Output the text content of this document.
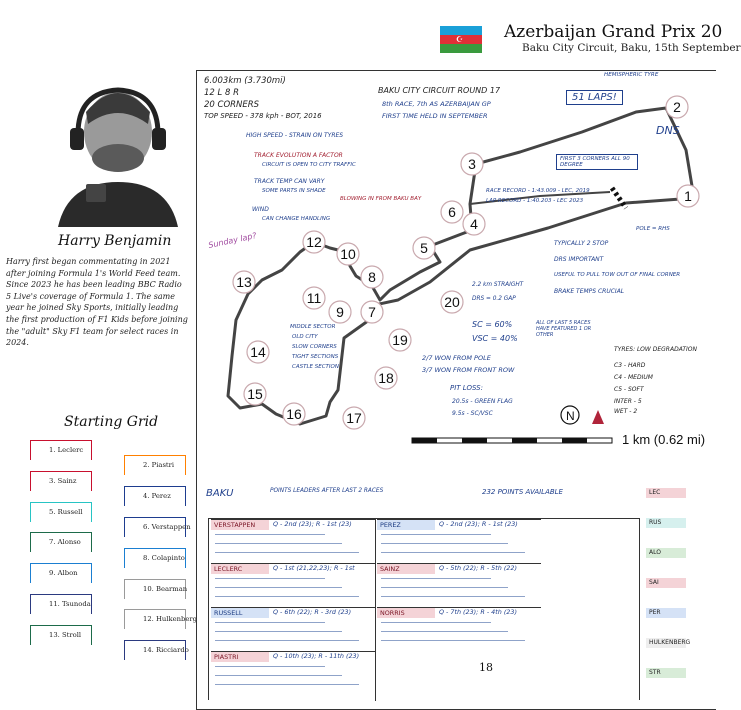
☪ Azerbaijan Grand Prix 20
Baku City Circuit, Baku, 15th September
Harry Benjamin
Harry first began commentating in 2021 after joining Formula 1's World Feed team. Since 2023 he has been leading BBC Radio 5 Live's coverage of Formula 1. The same year he joined Sky Sports, initially leading the first production of F1 Kids before joining the "adult" Sky F1 team for select races in 2024.
Starting Grid
1. Leclerc
2. Piastri
3. Sainz
4. Perez
5. Russell
6. Verstappen
7. Alonso
8. Colapinto
9. Albon
10. Bearman
11. Tsunoda
12. Hulkenberg
13. Stroll
14. Ricciardo
1
2
3
4
5
6
7
8
9
10
11
12
13
14
15
16	17
18
19
20
N
1 km (0.62 mi)
6.003km (3.730mi)
12 L 8 R
20 CORNERS
TOP SPEED - 378 kph - BOT, 2016
BAKU CITY CIRCUIT ROUND 17
8th RACE, 7th AS AZERBAIJAN GP
FIRST TIME HELD IN SEPTEMBER
51 LAPS!
HEMISPHERIC TYRE
DNS
HIGH SPEED - STRAIN ON TYRES
TRACK EVOLUTION A FACTOR
CIRCUIT IS OPEN TO CITY TRAFFIC
TRACK TEMP CAN VARY
SOME PARTS IN SHADE
WIND
CAN CHANGE HANDLING
BLOWING IN FROM BAKU BAY
Sunday lap?
RACE RECORD - 1:43.009 - LEC, 2019
LAP RECORD - 1:40.203 - LEC 2023
FIRST 3 CORNERS ALL 90 DEGREE
POLE = RHS
TYPICALLY 2 STOP
DRS IMPORTANT
USEFUL TO PULL TOW OUT OF FINAL CORNER
BRAKE TEMPS CRUCIAL
2.2 km STRAIGHT
DRS = 0.2 GAP
SC = 60%
VSC = 40%
ALL OF LAST 5 RACES HAVE FEATURED 1 OR OTHER
2/7 WON FROM POLE
3/7 WON FROM FRONT ROW
PIT LOSS:
20.5s - GREEN FLAG
9.5s - SC/VSC
TYRES: LOW DEGRADATION
C3 - HARD
C4 - MEDIUM
C5 - SOFT
INTER - 5
WET - 2
MIDDLE SECTOR
OLD CITY
SLOW CORNERS
TIGHT SECTIONS
CASTLE SECTION
BAKU	POINTS LEADERS AFTER LAST 2 RACES	232 POINTS AVAILABLE
VERSTAPPEN	Q - 2nd (23); R - 1st (23)	PEREZ	Q - 2nd (23); R - 1st (23)
LECLERC	Q - 1st (21,22,23); R - 1st	SAINZ	Q - 5th (22); R - 5th (22)
RUSSELL	Q - 6th (22); R - 3rd (23)	NORRIS	Q - 7th (23); R - 4th (23)
PIASTRI	Q - 10th (23); R - 11th (23)
LEC
RUS
ALO
SAI
PER
HULKENBERG
STR
18
